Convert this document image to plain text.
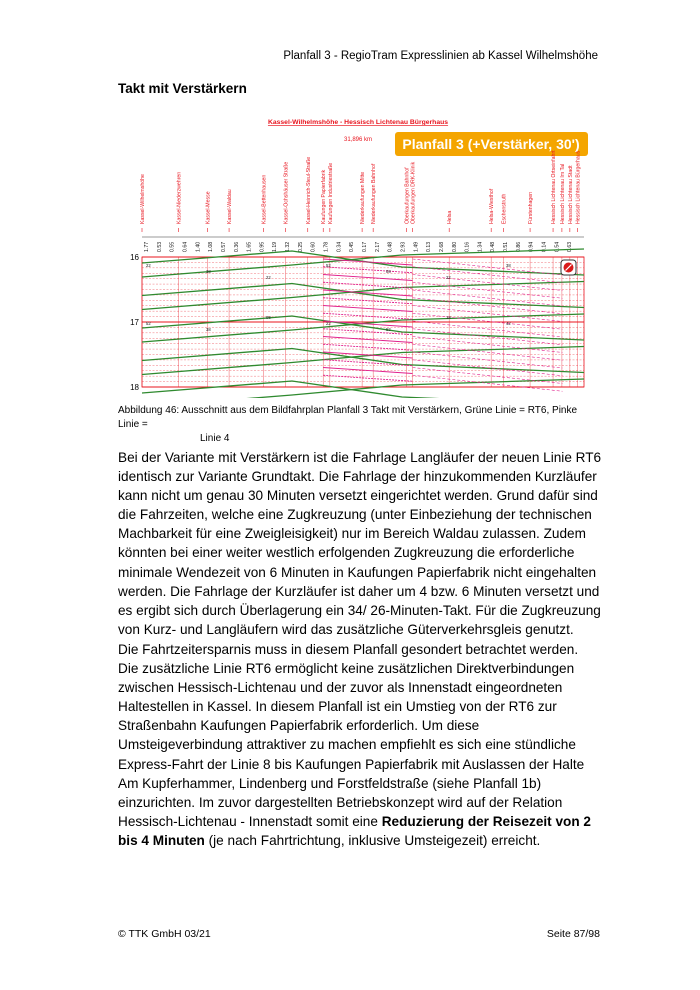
Planfall 3 - RegioTram Expresslinien ab Kassel Wilhelmshöhe
Takt mit Verstärkern
Kassel-Wilhelmshöhe - Hessisch Lichtenau Bürgerhaus
31,896 km Planfall 3 (+Verstärker, 30')
Kassel-Wilhelmshöhe	Kassel-Niederzwehren	Kassel-Messe	Kassel-Waldau	Kassel-Bettenhausen	Kassel-Ochshäuser Straße	Kassel-Heinrich-Steul-Straße Kaufungen Papierfabrik Kaufungen Industriestraße	Niederkaufungen Mitte Niederkaufungen Bahnhof	Oberkaufungen Bahnhof Oberkaufungen DRK-Klinik	Helsa	Helsa-Wiesthof Eschenstruth	Fürstenhagen	Hessisch Lichtenau Ortseinfahrt Hessisch Lichtenau Im Tal Hessisch Lichtenau Stadt Hessisch Lichtenau Bürgerhaus
1.77 0.53 0.55 0.64 1.40 1.08 0.57 0.36 1.65 0.95 1.19 1.32 0.25 0.60 1.78 0.34 0.45 0.17 2.17 0.48 2.93 1.49 0.13 2.68 0.80 0.16 1.34 0.48 0.51 0.86 0.94 0.14 0.54 0.63
16
17
18
22
38
22
52
08
22
38
52
38
08
22
52
13
42
Abbildung 46: Ausschnitt aus dem Bildfahrplan Planfall 3 Takt mit Verstärkern, Grüne Linie = RT6, Pinke Linie =
Linie 4
Bei der Variante mit Verstärkern ist die Fahrlage Langläufer der neuen Linie RT6 identisch zur Variante Grundtakt. Die Fahrlage der hinzukommenden Kurzläufer kann nicht um genau 30 Minuten versetzt eingerichtet werden. Grund dafür sind die Fahrzeiten, welche eine Zugkreuzung (unter Einbeziehung der technischen Machbarkeit für eine Zweigleisigkeit) nur im Bereich Waldau zulassen. Zudem könnten bei einer weiter westlich erfolgenden Zugkreuzung die erforderliche minimale Wendezeit von 6 Minuten in Kaufungen Papierfabrik nicht eingehalten werden. Die Fahrlage der Kurzläufer ist daher um 4 bzw. 6 Minuten versetzt und es ergibt sich durch Überlagerung ein 34/ 26-Minuten-Takt. Für die Zugkreuzung von Kurz- und Langläufern wird das zusätzliche Güterverkehrsgleis genutzt.
Die Fahrtzeitersparnis muss in diesem Planfall gesondert betrachtet werden. Die zusätzliche Linie RT6 ermöglicht keine zusätzlichen Direktverbindungen zwischen Hessisch-Lichtenau und der zuvor als Innenstadt eingeordneten Haltestellen in Kassel. In diesem Planfall ist ein Umstieg von der RT6 zur Straßenbahn Kaufungen Papierfabrik erforderlich. Um diese Umsteigeverbindung attraktiver zu machen empfiehlt es sich eine stündliche Express-Fahrt der Linie 8 bis Kaufungen Papierfabrik mit Auslassen der Halte Am Kupferhammer, Lindenberg und Forstfeldstraße (siehe Planfall 1b) einzurichten. Im zuvor dargestellten Betriebskonzept wird auf der Relation Hessisch-Lichtenau - Innenstadt somit eine Reduzierung der Reisezeit von 2 bis 4 Minuten (je nach Fahrtrichtung, inklusive Umsteigezeit) erreicht.
© TTK GmbH 03/21	Seite 87/98
